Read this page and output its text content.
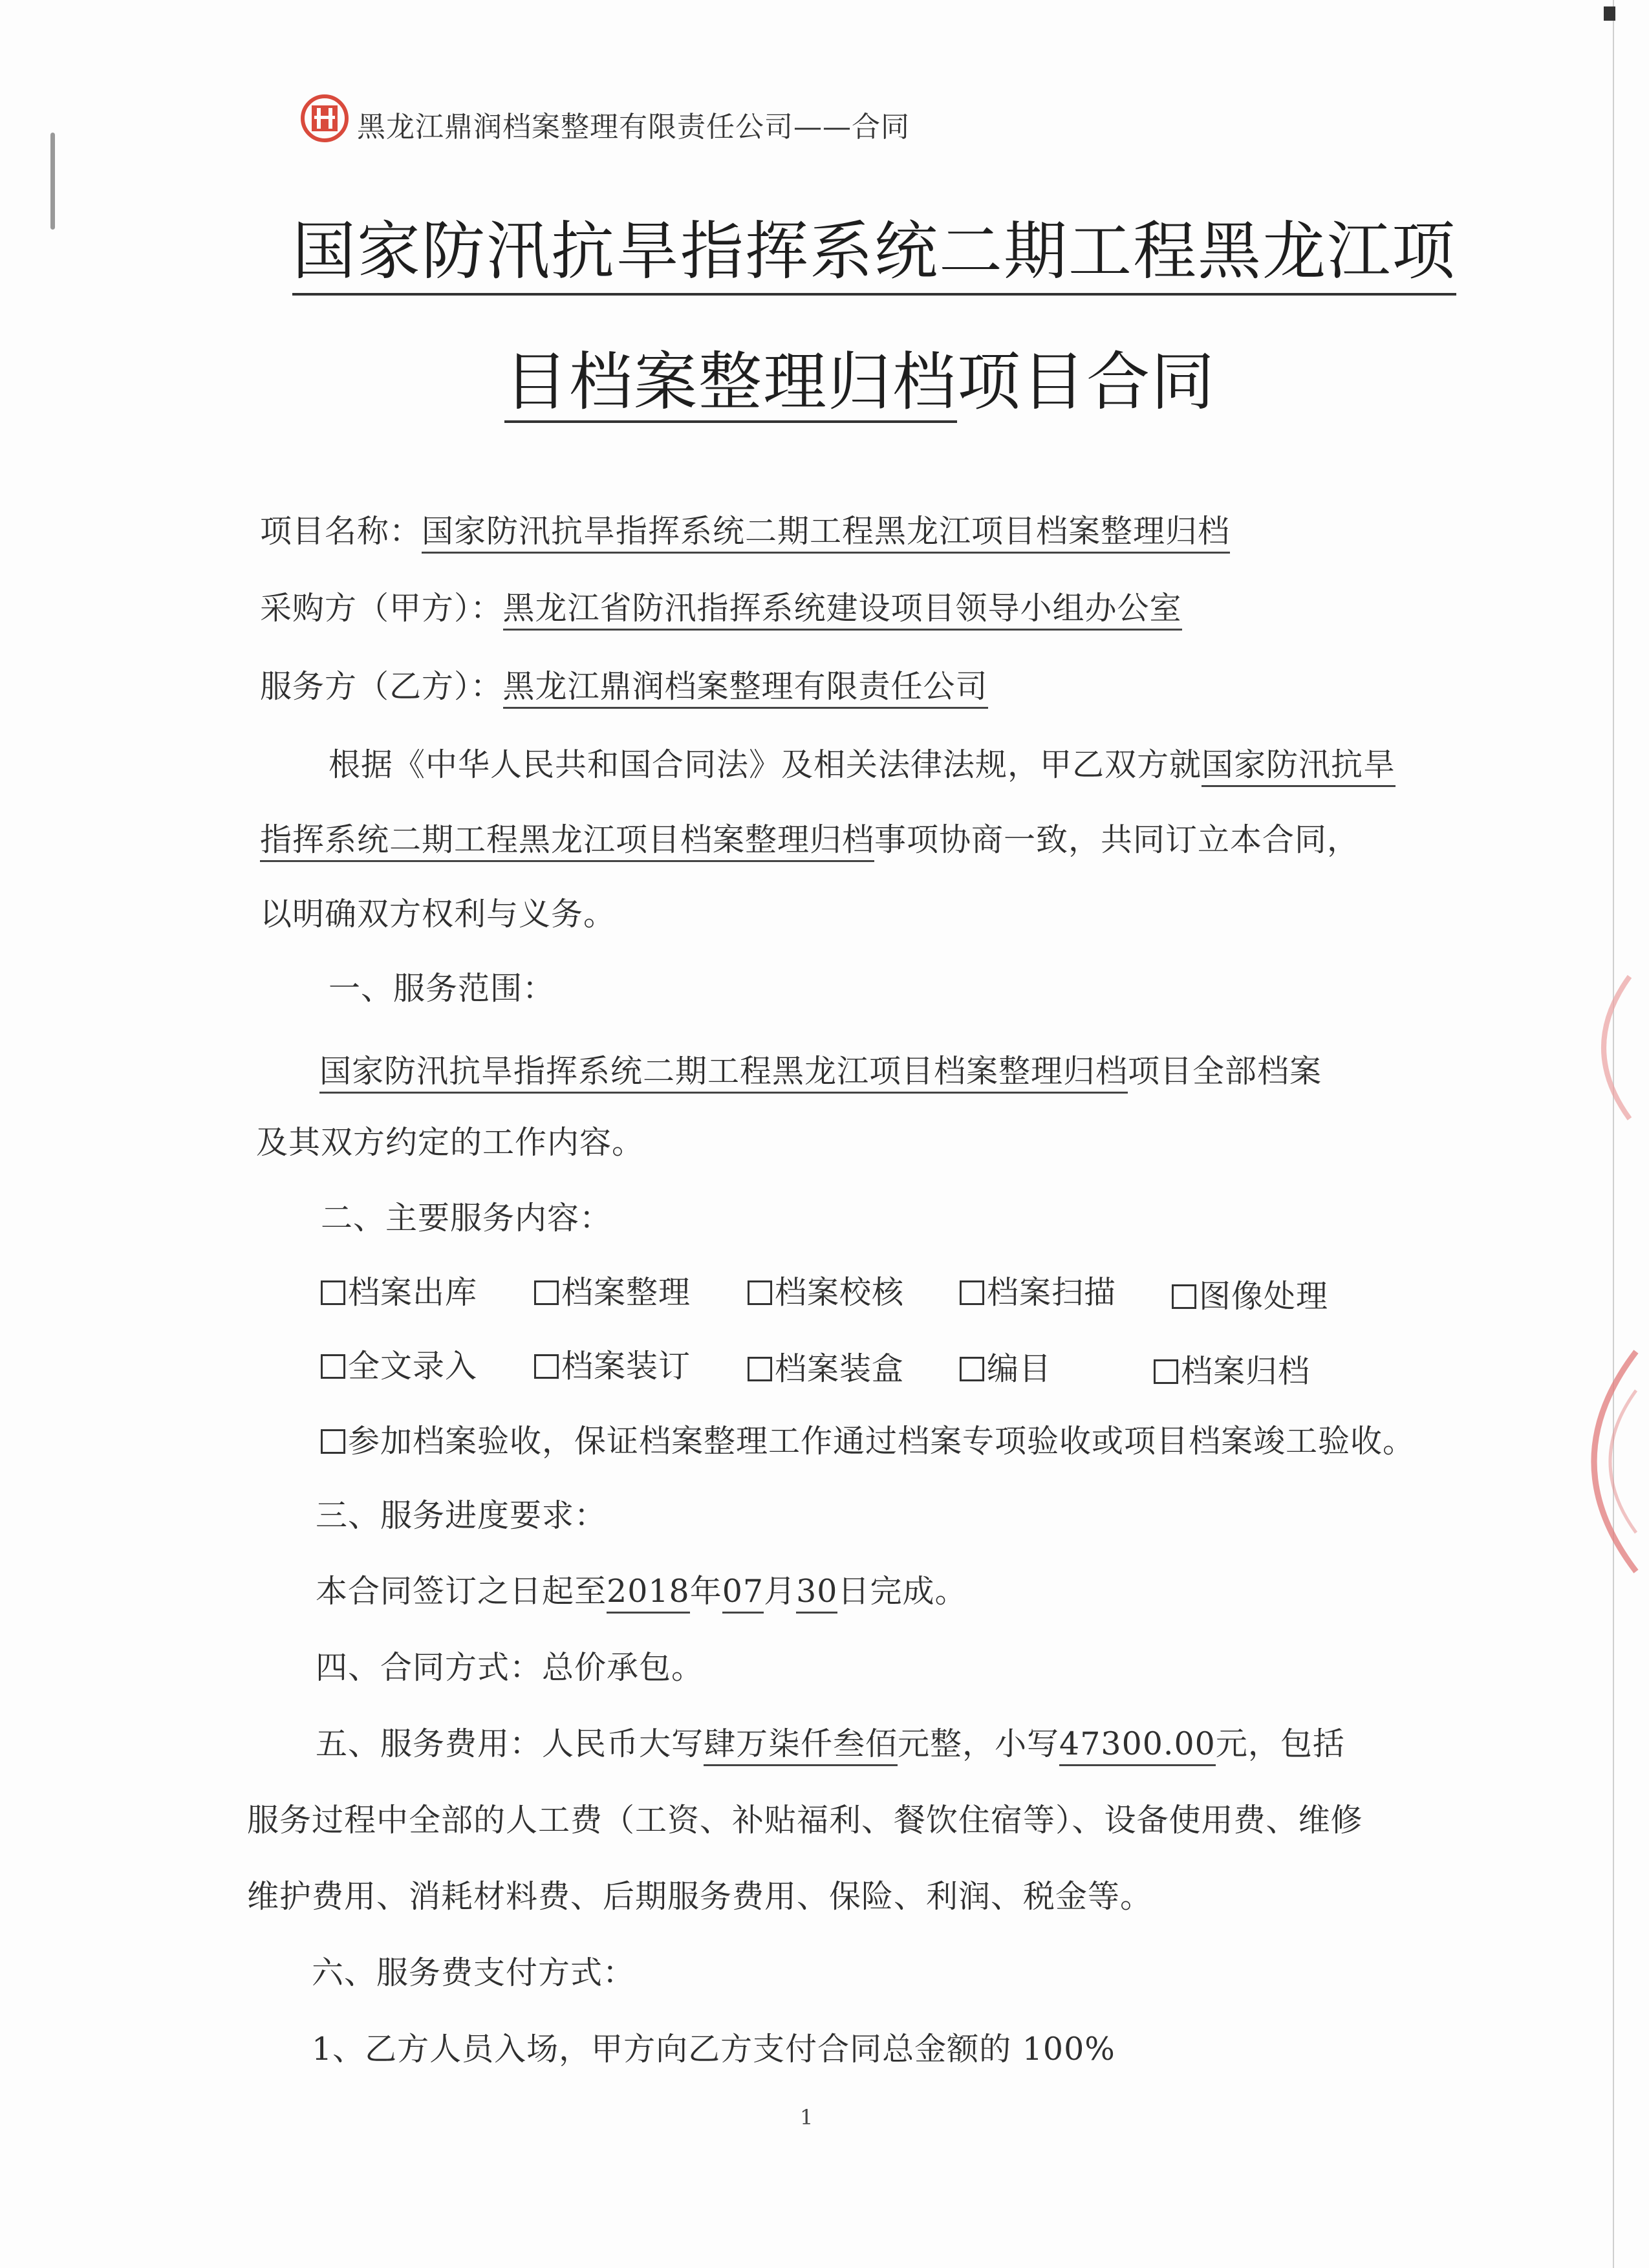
黑龙江鼎润档案整理有限责任公司——合同
国家防汛抗旱指挥系统二期工程黑龙江项
目档案整理归档项目合同
项目名称：国家防汛抗旱指挥系统二期工程黑龙江项目档案整理归档
采购方（甲方）：黑龙江省防汛指挥系统建设项目领导小组办公室
服务方（乙方）：黑龙江鼎润档案整理有限责任公司
根据《中华人民共和国合同法》及相关法律法规，甲乙双方就国家防汛抗旱
指挥系统二期工程黑龙江项目档案整理归档事项协商一致，共同订立本合同，
以明确双方权利与义务。
一、服务范围：
国家防汛抗旱指挥系统二期工程黑龙江项目档案整理归档项目全部档案
及其双方约定的工作内容。
二、主要服务内容：
档案出库	档案整理	档案校核	档案扫描	图像处理
全文录入	档案装订	档案装盒	编目	档案归档
参加档案验收，保证档案整理工作通过档案专项验收或项目档案竣工验收。
三、服务进度要求：
本合同签订之日起至2018年07月30日完成。
四、合同方式：总价承包。
五、服务费用：人民币大写肆万柒仟叁佰元整，小写47300.00元，包括
服务过程中全部的人工费（工资、补贴福利、餐饮住宿等）、设备使用费、维修
维护费用、消耗材料费、后期服务费用、保险、利润、税金等。
六、服务费支付方式：
1、乙方人员入场，甲方向乙方支付合同总金额的 100%
1
